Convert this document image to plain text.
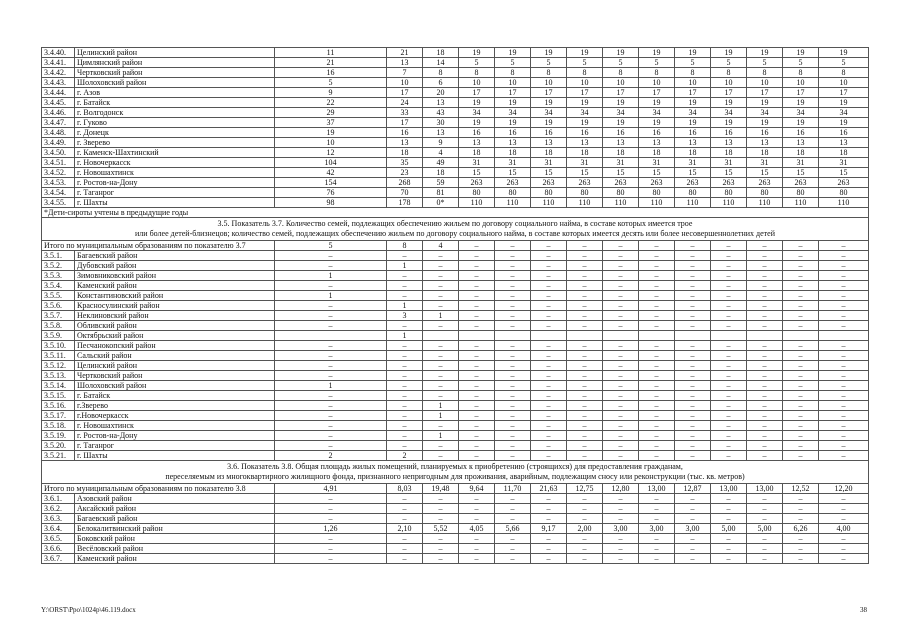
3.4.40.	Целинский район	11	21	18	19	19	19	19	19	19	19	19	19	19	19
3.4.41.	Цимлянский район	21	13	14	5	5	5	5	5	5	5	5	5	5	5
3.4.42.	Чертковский район	16	7	8	8	8	8	8	8	8	8	8	8	8	8
3.4.43.	Шолоховский район	5	10	6	10	10	10	10	10	10	10	10	10	10	10
3.4.44.	г. Азов	9	17	20	17	17	17	17	17	17	17	17	17	17	17
3.4.45.	г. Батайск	22	24	13	19	19	19	19	19	19	19	19	19	19	19
3.4.46.	г. Волгодонск	29	33	43	34	34	34	34	34	34	34	34	34	34	34
3.4.47.	г. Гуково	37	17	30	19	19	19	19	19	19	19	19	19	19	19
3.4.48.	г. Донецк	19	16	13	16	16	16	16	16	16	16	16	16	16	16
3.4.49.	г. Зверево	10	13	9	13	13	13	13	13	13	13	13	13	13	13
3.4.50.	г. Каменск-Шахтинский	12	18	4	18	18	18	18	18	18	18	18	18	18	18
3.4.51.	г. Новочеркасск	104	35	49	31	31	31	31	31	31	31	31	31	31	31
3.4.52.	г. Новошахтинск	42	23	18	15	15	15	15	15	15	15	15	15	15	15
3.4.53.	г. Ростов-на-Дону	154	268	59	263	263	263	263	263	263	263	263	263	263	263
3.4.54.	г. Таганрог	76	70	81	80	80	80	80	80	80	80	80	80	80	80
3.4.55.	г. Шахты	98	178	0*	110	110	110	110	110	110	110	110	110	110	110
*Дети-сироты учтены в предыдущие годы															

3.5. Показатель 3.7. Количество семей, подлежащих обеспечению жильем по договору социального найма, в составе которых имеется трое
или более детей-близнецов; количество семей, подлежащих обеспечению жильем по договору социального найма, в составе которых имеется десять или более несовершеннолетних детей															

Итого по муниципальным образованиям по показателю 3.7		5	8	4	–	–	–	–	–	–	–	–	–	–	–
3.5.1.	Багаевский район	–	–	–	–	–	–	–	–	–	–	–	–	–	–
3.5.2.	Дубовский район	–	1	–	–	–	–	–	–	–	–	–	–	–	–
3.5.3.	Зимовниковский район	1	–	–	–	–	–	–	–	–	–	–	–	–	–
3.5.4.	Каменский район	–	–	–	–	–	–	–	–	–	–	–	–	–	–
3.5.5.	Константиновский район	1	–	–	–	–	–	–	–	–	–	–	–	–	–
3.5.6.	Красносулинский район	–	1	–	–	–	–	–	–	–	–	–	–	–	–
3.5.7.	Неклиновский район	–	3	1	–	–	–	–	–	–	–	–	–	–	–
3.5.8.	Обливский район	–	–	–	–	–	–	–	–	–	–	–	–	–	–
3.5.9.	Октябрьский район		1												
3.5.10.	Песчанокопский район	–	–	–	–	–	–	–	–	–	–	–	–	–	–
3.5.11.	Сальский район	–	–	–	–	–	–	–	–	–	–	–	–	–	–
3.5.12.	Целинский район	–	–	–	–	–	–	–	–	–	–	–	–	–	–
3.5.13.	Чертковский район	–	–	–	–	–	–	–	–	–	–	–	–	–	–
3.5.14.	Шолоховский район	1	–	–	–	–	–	–	–	–	–	–	–	–	–
3.5.15.	г. Батайск	–	–	–	–	–	–	–	–	–	–	–	–	–	–
3.5.16.	г.Зверево	–	–	1	–	–	–	–	–	–	–	–	–	–	–
3.5.17.	г.Новочеркасск	–	–	1	–	–	–	–	–	–	–	–	–	–	–
3.5.18.	г. Новошахтинск	–	–	–	–	–	–	–	–	–	–	–	–	–	–
3.5.19.	г. Ростов-на-Дону	–	–	1	–	–	–	–	–	–	–	–	–	–	–
3.5.20.	г. Таганрог	–	–	–	–	–	–	–	–	–	–	–	–	–	–
3.5.21.	г. Шахты	2	2	–	–	–	–	–	–	–	–	–	–	–	–

3.6. Показатель 3.8. Общая площадь жилых помещений, планируемых к приобретению (строящихся) для предоставления гражданам,
переселяемым из многоквартирного жилищного фонда, признанного непригодным для проживания, аварийным, подлежащим сносу или реконструкции (тыс. кв. метров)															

Итого по муниципальным образованиям по показателю 3.8		4,91	8,03	19,48	9,64	11,70	21,63	12,75	12,80	13,00	12,87	13,00	13,00	12,52	12,20
3.6.1.	Азовский район	–	–	–	–	–	–	–	–	–	–	–	–	–	–
3.6.2.	Аксайский район	–	–	–	–	–	–	–	–	–	–	–	–	–	–
3.6.3.	Багаевский район	–	–	–	–	–	–	–	–	–	–	–	–	–	–
3.6.4.	Белокалитвинский район	1,26	2,10	5,52	4,05	5,66	9,17	2,00	3,00	3,00	3,00	5,00	5,00	6,26	4,00
3.6.5.	Боковский район	–	–	–	–	–	–	–	–	–	–	–	–	–	–
3.6.6.	Весёловский район	–	–	–	–	–	–	–	–	–	–	–	–	–	–
3.6.7.	Каменский район	–	–	–	–	–	–	–	–	–	–	–	–	–	–
Y:\ORST\Ppo\1024p\46.119.docx	38
